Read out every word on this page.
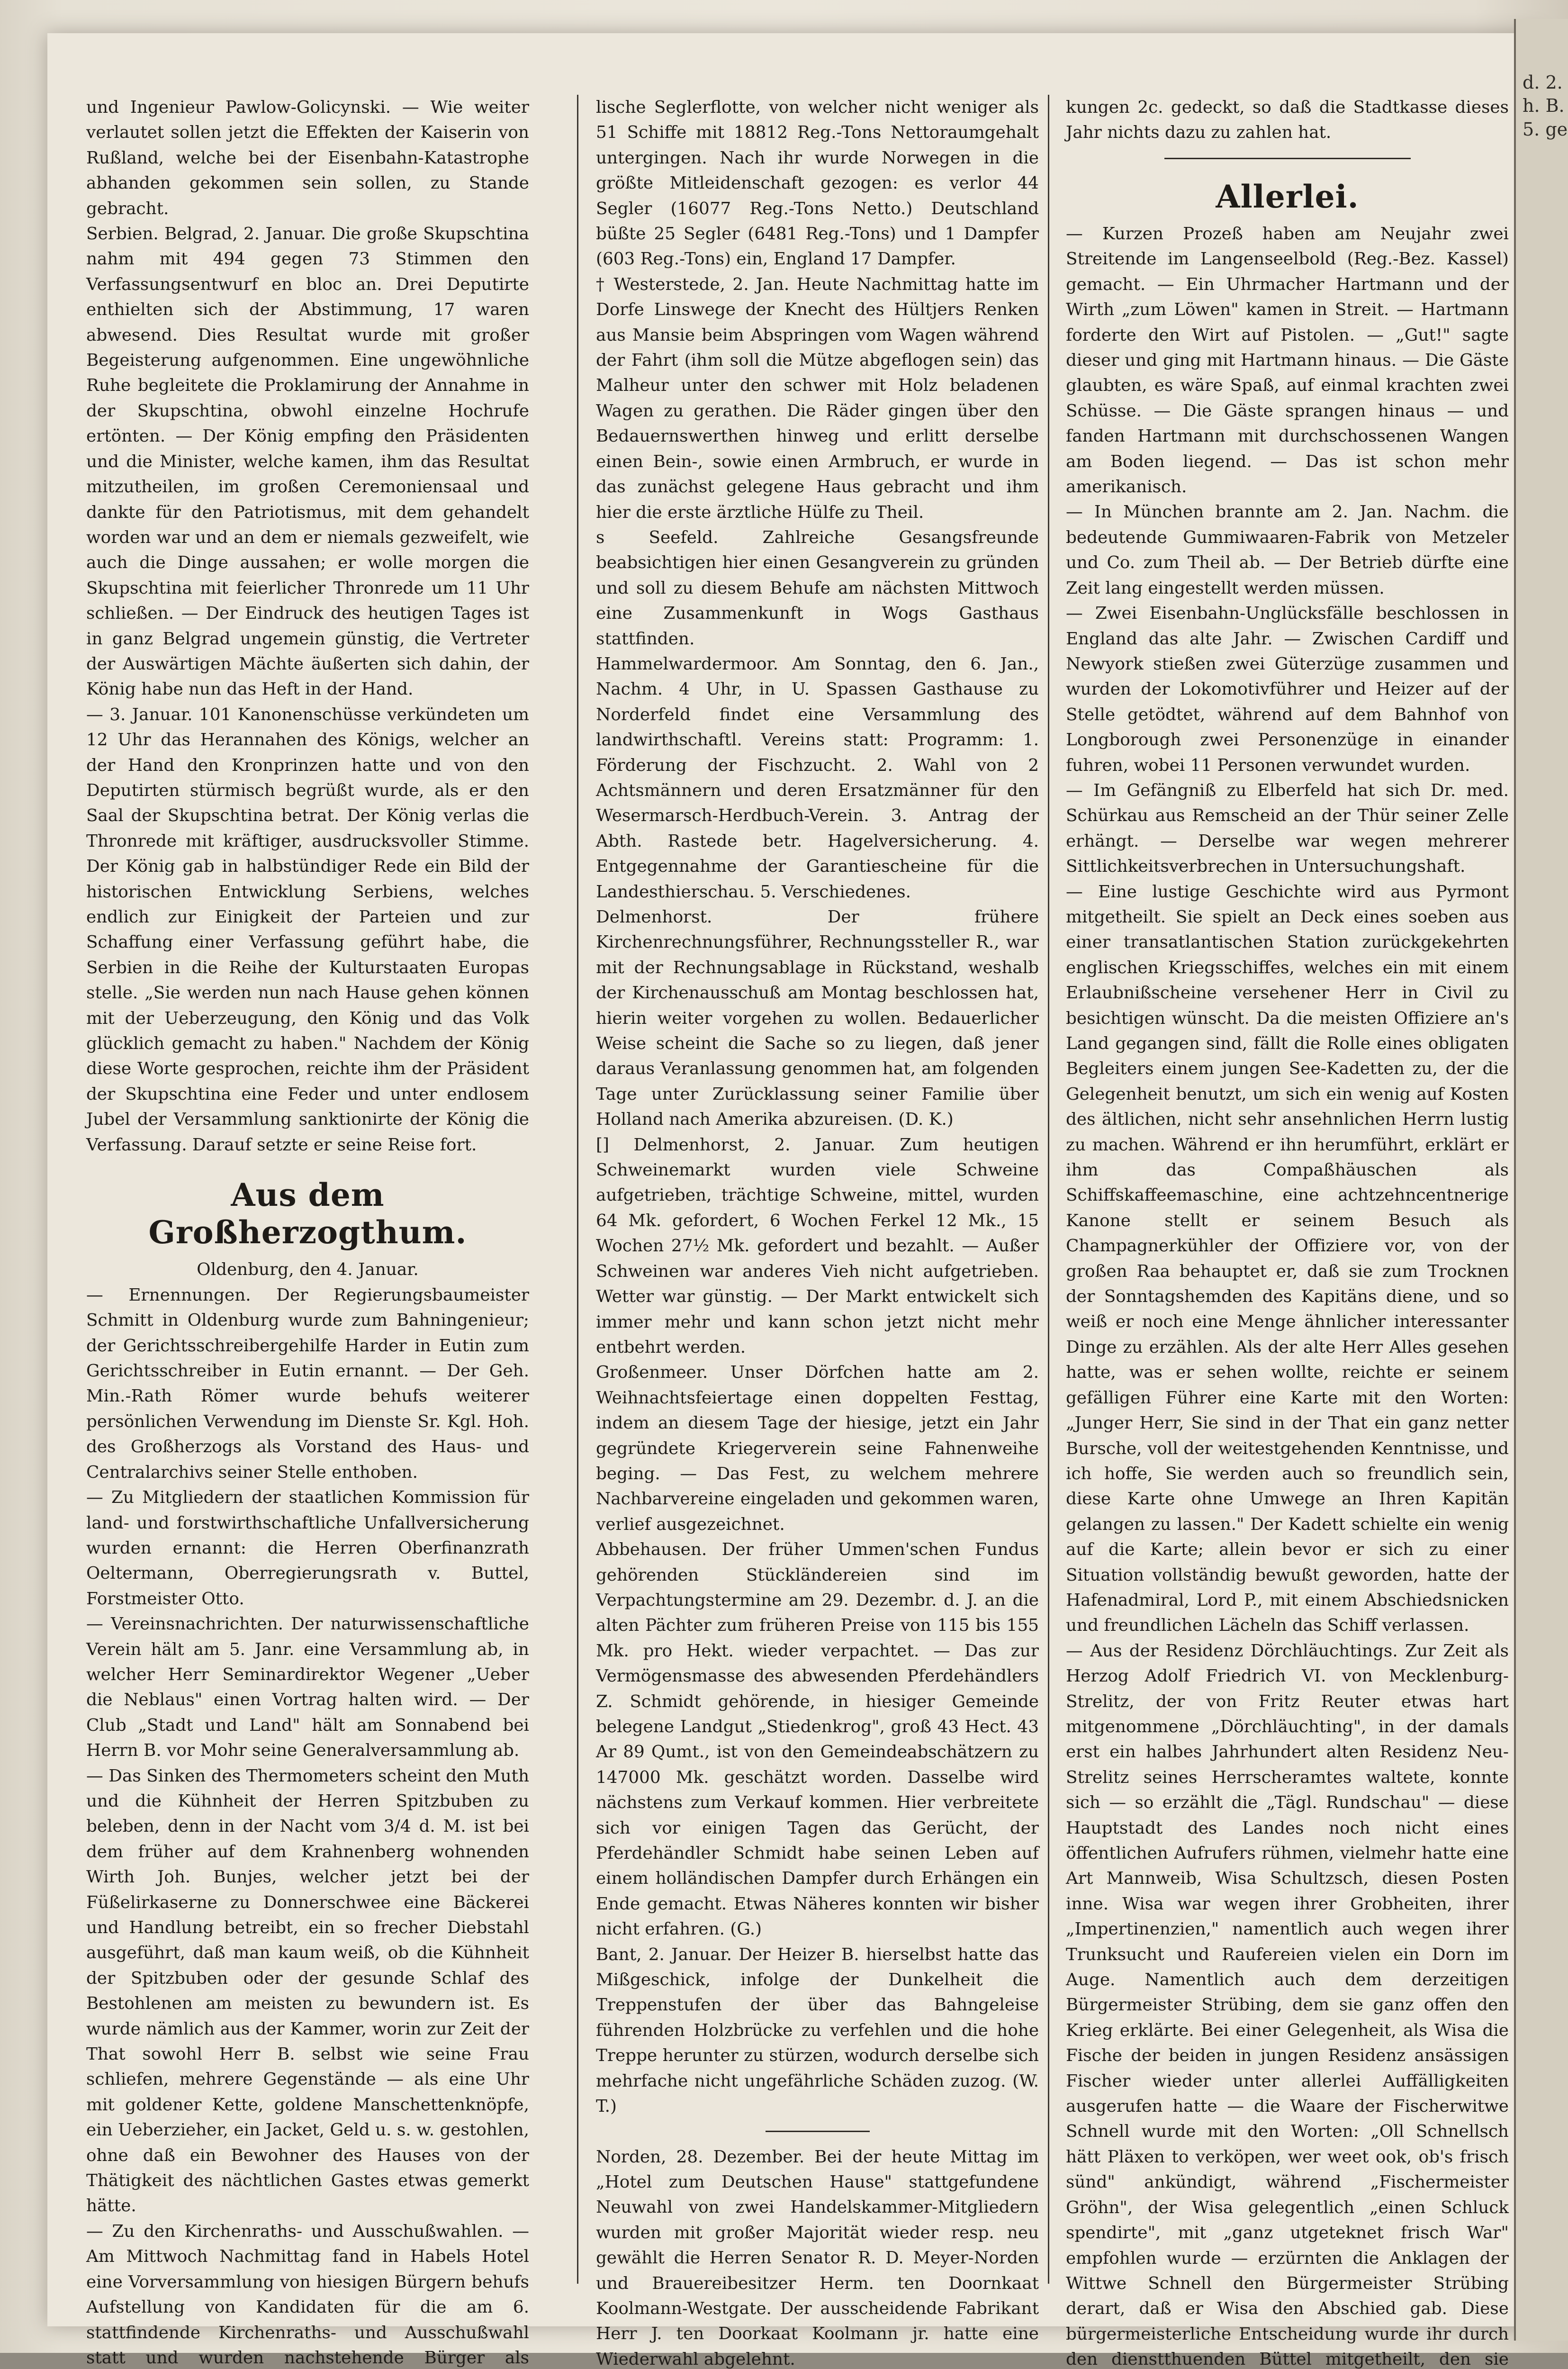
d. 2. h. B. 5. ge

und Ingenieur Pawlow-Golicynski. — Wie weiter verlautet sollen jetzt die Effekten der Kaiserin von Rußland, welche bei der Eisenbahn-Katastrophe abhanden gekommen sein sollen, zu Stande gebracht.

Serbien. Belgrad, 2. Januar. Die große Skupschtina nahm mit 494 gegen 73 Stimmen den Verfassungsentwurf en bloc an. Drei Deputirte enthielten sich der Abstimmung, 17 waren abwesend. Dies Resultat wurde mit großer Begeisterung aufgenommen. Eine ungewöhnliche Ruhe begleitete die Proklamirung der Annahme in der Skupschtina, obwohl einzelne Hochrufe ertönten. — Der König empfing den Präsidenten und die Minister, welche kamen, ihm das Resultat mitzutheilen, im großen Ceremoniensaal und dankte für den Patriotismus, mit dem gehandelt worden war und an dem er niemals gezweifelt, wie auch die Dinge aussahen; er wolle morgen die Skupschtina mit feierlicher Thronrede um 11 Uhr schließen. — Der Eindruck des heutigen Tages ist in ganz Belgrad ungemein günstig, die Vertreter der Auswärtigen Mächte äußerten sich dahin, der König habe nun das Heft in der Hand.

— 3. Januar. 101 Kanonenschüsse verkündeten um 12 Uhr das Herannahen des Königs, welcher an der Hand den Kronprinzen hatte und von den Deputirten stürmisch begrüßt wurde, als er den Saal der Skupschtina betrat. Der König verlas die Thronrede mit kräftiger, ausdrucksvoller Stimme. Der König gab in halbstündiger Rede ein Bild der historischen Entwicklung Serbiens, welches endlich zur Einigkeit der Parteien und zur Schaffung einer Verfassung geführt habe, die Serbien in die Reihe der Kulturstaaten Europas stelle. „Sie werden nun nach Hause gehen können mit der Ueberzeugung, den König und das Volk glücklich gemacht zu haben." Nachdem der König diese Worte gesprochen, reichte ihm der Präsident der Skupschtina eine Feder und unter endlosem Jubel der Versammlung sanktionirte der König die Verfassung. Darauf setzte er seine Reise fort.

Aus dem Großherzogthum.
Oldenburg, den 4. Januar.

— Ernennungen. Der Regierungsbaumeister Schmitt in Oldenburg wurde zum Bahningenieur; der Gerichtsschreibergehilfe Harder in Eutin zum Gerichtsschreiber in Eutin ernannt. — Der Geh. Min.-Rath Römer wurde behufs weiterer persönlichen Verwendung im Dienste Sr. Kgl. Hoh. des Großherzogs als Vorstand des Haus- und Centralarchivs seiner Stelle enthoben.

— Zu Mitgliedern der staatlichen Kommission für land- und forstwirthschaftliche Unfallversicherung wurden ernannt: die Herren Oberfinanzrath Oeltermann, Oberregierungsrath v. Buttel, Forstmeister Otto.

— Vereinsnachrichten. Der naturwissenschaftliche Verein hält am 5. Janr. eine Versammlung ab, in welcher Herr Seminardirektor Wegener „Ueber die Neblaus" einen Vortrag halten wird. — Der Club „Stadt und Land" hält am Sonnabend bei Herrn B. vor Mohr seine Generalversammlung ab.

— Das Sinken des Thermometers scheint den Muth und die Kühnheit der Herren Spitzbuben zu beleben, denn in der Nacht vom 3/4 d. M. ist bei dem früher auf dem Krahnenberg wohnenden Wirth Joh. Bunjes, welcher jetzt bei der Füßelirkaserne zu Donnerschwee eine Bäckerei und Handlung betreibt, ein so frecher Diebstahl ausgeführt, daß man kaum weiß, ob die Kühnheit der Spitzbuben oder der gesunde Schlaf des Bestohlenen am meisten zu bewundern ist. Es wurde nämlich aus der Kammer, worin zur Zeit der That sowohl Herr B. selbst wie seine Frau schliefen, mehrere Gegenstände — als eine Uhr mit goldener Kette, goldene Manschettenknöpfe, ein Ueberzieher, ein Jacket, Geld u. s. w. gestohlen, ohne daß ein Bewohner des Hauses von der Thätigkeit des nächtlichen Gastes etwas gemerkt hätte.

— Zu den Kirchenraths- und Ausschußwahlen. — Am Mittwoch Nachmittag fand in Habels Hotel eine Vorversammlung von hiesigen Bürgern behufs Aufstellung von Kandidaten für die am 6. stattfindende Kirchenraths- und Ausschußwahl statt und wurden nachstehende Bürger als

lische Seglerflotte, von welcher nicht weniger als 51 Schiffe mit 18812 Reg.-Tons Nettoraumgehalt untergingen. Nach ihr wurde Norwegen in die größte Mitleidenschaft gezogen: es verlor 44 Segler (16077 Reg.-Tons Netto.) Deutschland büßte 25 Segler (6481 Reg.-Tons) und 1 Dampfer (603 Reg.-Tons) ein, England 17 Dampfer.

† Westerstede, 2. Jan. Heute Nachmittag hatte im Dorfe Linswege der Knecht des Hültjers Renken aus Mansie beim Abspringen vom Wagen während der Fahrt (ihm soll die Mütze abgeflogen sein) das Malheur unter den schwer mit Holz beladenen Wagen zu gerathen. Die Räder gingen über den Bedauernswerthen hinweg und erlitt derselbe einen Bein-, sowie einen Armbruch, er wurde in das zunächst gelegene Haus gebracht und ihm hier die erste ärztliche Hülfe zu Theil.

s Seefeld. Zahlreiche Gesangsfreunde beabsichtigen hier einen Gesangverein zu gründen und soll zu diesem Behufe am nächsten Mittwoch eine Zusammenkunft in Wogs Gasthaus stattfinden.

Hammelwardermoor. Am Sonntag, den 6. Jan., Nachm. 4 Uhr, in U. Spassen Gasthause zu Norderfeld findet eine Versammlung des landwirthschaftl. Vereins statt: Programm: 1. Förderung der Fischzucht. 2. Wahl von 2 Achtsmännern und deren Ersatzmänner für den Wesermarsch-Herdbuch-Verein. 3. Antrag der Abth. Rastede betr. Hagelversicherung. 4. Entgegennahme der Garantiescheine für die Landesthierschau. 5. Verschiedenes.

Delmenhorst. Der frühere Kirchenrechnungsführer, Rechnungssteller R., war mit der Rechnungsablage in Rückstand, weshalb der Kirchenausschuß am Montag beschlossen hat, hierin weiter vorgehen zu wollen. Bedauerlicher Weise scheint die Sache so zu liegen, daß jener daraus Veranlassung genommen hat, am folgenden Tage unter Zurücklassung seiner Familie über Holland nach Amerika abzureisen. (D. K.)

[] Delmenhorst, 2. Januar. Zum heutigen Schweinemarkt wurden viele Schweine aufgetrieben, trächtige Schweine, mittel, wurden 64 Mk. gefordert, 6 Wochen Ferkel 12 Mk., 15 Wochen 27½ Mk. gefordert und bezahlt. — Außer Schweinen war anderes Vieh nicht aufgetrieben. Wetter war günstig. — Der Markt entwickelt sich immer mehr und kann schon jetzt nicht mehr entbehrt werden.

Großenmeer. Unser Dörfchen hatte am 2. Weihnachtsfeiertage einen doppelten Festtag, indem an diesem Tage der hiesige, jetzt ein Jahr gegründete Kriegerverein seine Fahnenweihe beging. — Das Fest, zu welchem mehrere Nachbarvereine eingeladen und gekommen waren, verlief ausgezeichnet.

Abbehausen. Der früher Ummen'schen Fundus gehörenden Stückländereien sind im Verpachtungstermine am 29. Dezembr. d. J. an die alten Pächter zum früheren Preise von 115 bis 155 Mk. pro Hekt. wieder verpachtet. — Das zur Vermögensmasse des abwesenden Pferdehändlers Z. Schmidt gehörende, in hiesiger Gemeinde belegene Landgut „Stiedenkrog", groß 43 Hect. 43 Ar 89 Qumt., ist von den Gemeindeabschätzern zu 147000 Mk. geschätzt worden. Dasselbe wird nächstens zum Verkauf kommen. Hier verbreitete sich vor einigen Tagen das Gerücht, der Pferdehändler Schmidt habe seinen Leben auf einem holländischen Dampfer durch Erhängen ein Ende gemacht. Etwas Näheres konnten wir bisher nicht erfahren. (G.)

Bant, 2. Januar. Der Heizer B. hierselbst hatte das Mißgeschick, infolge der Dunkelheit die Treppenstufen der über das Bahngeleise führenden Holzbrücke zu verfehlen und die hohe Treppe herunter zu stürzen, wodurch derselbe sich mehrfache nicht ungefährliche Schäden zuzog. (W. T.)

Norden, 28. Dezember. Bei der heute Mittag im „Hotel zum Deutschen Hause" stattgefundene Neuwahl von zwei Handelskammer-Mitgliedern wurden mit großer Majorität wieder resp. neu gewählt die Herren Senator R. D. Meyer-Norden und Brauereibesitzer Herm. ten Doornkaat Koolmann-Westgate. Der ausscheidende Fabrikant Herr J. ten Doorkaat Koolmann jr. hatte eine Wiederwahl abgelehnt.

kungen 2c. gedeckt, so daß die Stadtkasse dieses Jahr nichts dazu zu zahlen hat.

Allerlei.

— Kurzen Prozeß haben am Neujahr zwei Streitende im Langenseelbold (Reg.-Bez. Kassel) gemacht. — Ein Uhrmacher Hartmann und der Wirth „zum Löwen" kamen in Streit. — Hartmann forderte den Wirt auf Pistolen. — „Gut!" sagte dieser und ging mit Hartmann hinaus. — Die Gäste glaubten, es wäre Spaß, auf einmal krachten zwei Schüsse. — Die Gäste sprangen hinaus — und fanden Hartmann mit durchschossenen Wangen am Boden liegend. — Das ist schon mehr amerikanisch.

— In München brannte am 2. Jan. Nachm. die bedeutende Gummiwaaren-Fabrik von Metzeler und Co. zum Theil ab. — Der Betrieb dürfte eine Zeit lang eingestellt werden müssen.

— Zwei Eisenbahn-Unglücksfälle beschlossen in England das alte Jahr. — Zwischen Cardiff und Newyork stießen zwei Güterzüge zusammen und wurden der Lokomotivführer und Heizer auf der Stelle getödtet, während auf dem Bahnhof von Longborough zwei Personenzüge in einander fuhren, wobei 11 Personen verwundet wurden.

— Im Gefängniß zu Elberfeld hat sich Dr. med. Schürkau aus Remscheid an der Thür seiner Zelle erhängt. — Derselbe war wegen mehrerer Sittlichkeitsverbrechen in Untersuchungshaft.

— Eine lustige Geschichte wird aus Pyrmont mitgetheilt. Sie spielt an Deck eines soeben aus einer transatlantischen Station zurückgekehrten englischen Kriegsschiffes, welches ein mit einem Erlaubnißscheine versehener Herr in Civil zu besichtigen wünscht. Da die meisten Offiziere an's Land gegangen sind, fällt die Rolle eines obligaten Begleiters einem jungen See-Kadetten zu, der die Gelegenheit benutzt, um sich ein wenig auf Kosten des ältlichen, nicht sehr ansehnlichen Herrn lustig zu machen. Während er ihn herumführt, erklärt er ihm das Compaßhäuschen als Schiffskaffeemaschine, eine achtzehncentnerige Kanone stellt er seinem Besuch als Champagnerkühler der Offiziere vor, von der großen Raa behauptet er, daß sie zum Trocknen der Sonntagshemden des Kapitäns diene, und so weiß er noch eine Menge ähnlicher interessanter Dinge zu erzählen. Als der alte Herr Alles gesehen hatte, was er sehen wollte, reichte er seinem gefälligen Führer eine Karte mit den Worten: „Junger Herr, Sie sind in der That ein ganz netter Bursche, voll der weitestgehenden Kenntnisse, und ich hoffe, Sie werden auch so freundlich sein, diese Karte ohne Umwege an Ihren Kapitän gelangen zu lassen." Der Kadett schielte ein wenig auf die Karte; allein bevor er sich zu einer Situation vollständig bewußt geworden, hatte der Hafenadmiral, Lord P., mit einem Abschiedsnicken und freundlichen Lächeln das Schiff verlassen.

— Aus der Residenz Dörchläuchtings. Zur Zeit als Herzog Adolf Friedrich VI. von Mecklenburg-Strelitz, der von Fritz Reuter etwas hart mitgenommene „Dörchläuchting", in der damals erst ein halbes Jahrhundert alten Residenz Neu-Strelitz seines Herrscheramtes waltete, konnte sich — so erzählt die „Tägl. Rundschau" — diese Hauptstadt des Landes noch nicht eines öffentlichen Aufrufers rühmen, vielmehr hatte eine Art Mannweib, Wisa Schultzsch, diesen Posten inne. Wisa war wegen ihrer Grobheiten, ihrer „Impertinenzien," namentlich auch wegen ihrer Trunksucht und Raufereien vielen ein Dorn im Auge. Namentlich auch dem derzeitigen Bürgermeister Strübing, dem sie ganz offen den Krieg erklärte. Bei einer Gelegenheit, als Wisa die Fische der beiden in jungen Residenz ansässigen Fischer wieder unter allerlei Auffälligkeiten ausgerufen hatte — die Waare der Fischerwitwe Schnell wurde mit den Worten: „Oll Schnellsch hätt Pläxen to verköpen, wer weet ook, ob's frisch sünd" ankündigt, während „Fischermeister Gröhn", der Wisa gelegentlich „einen Schluck spendirte", mit „ganz utgeteknet frisch War" empfohlen wurde — erzürnten die Anklagen der Wittwe Schnell den Bürgermeister Strübing derart, daß er Wisa den Abschied gab. Diese bürgermeisterliche Entscheidung wurde ihr durch den dienstthuenden Büttel mitgetheilt, den sie
